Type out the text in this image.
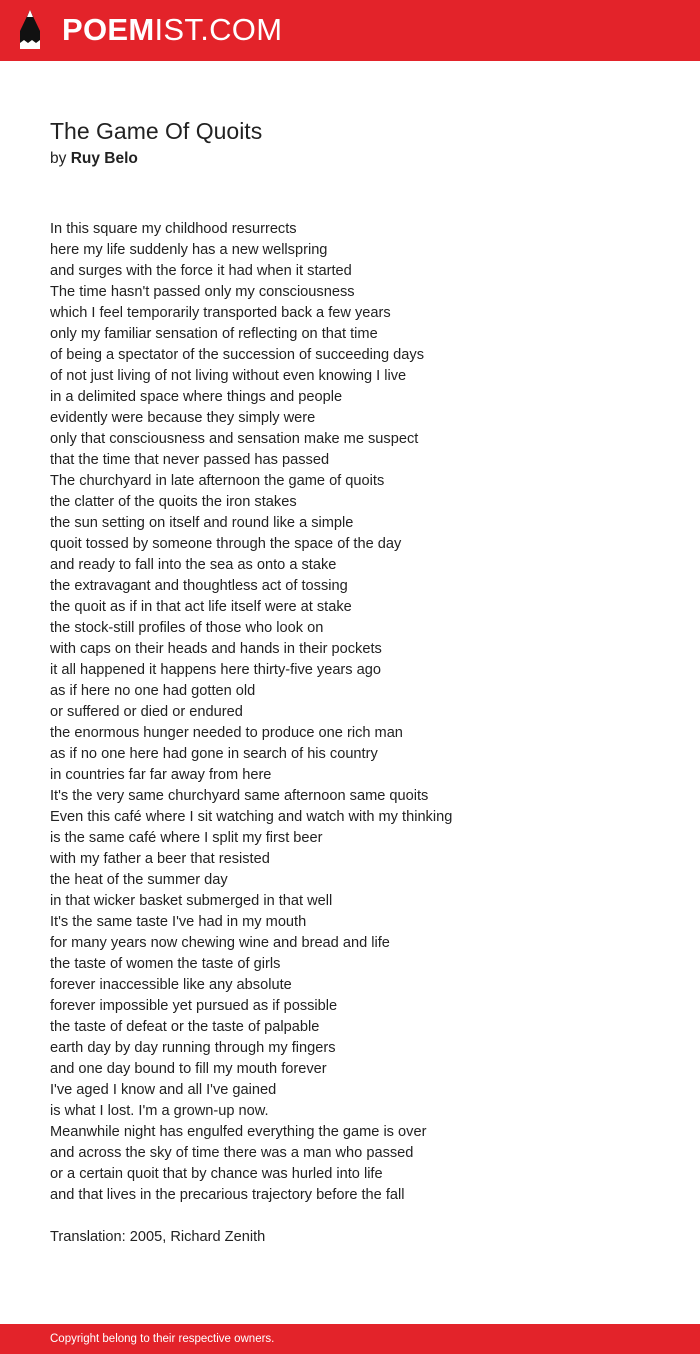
POEMIST.COM
The Game Of Quoits
by Ruy Belo
In this square my childhood resurrects
here my life suddenly has a new wellspring
and surges with the force it had when it started
The time hasn't passed only my consciousness
which I feel temporarily transported back a few years
only my familiar sensation of reflecting on that time
of being a spectator of the succession of succeeding days
of not just living of not living without even knowing I live
in a delimited space where things and people
evidently were because they simply were
only that consciousness and sensation make me suspect
that the time that never passed has passed
The churchyard in late afternoon the game of quoits
the clatter of the quoits the iron stakes
the sun setting on itself and round like a simple
quoit tossed by someone through the space of the day
and ready to fall into the sea as onto a stake
the extravagant and thoughtless act of tossing
the quoit as if in that act life itself were at stake
the stock-still profiles of those who look on
with caps on their heads and hands in their pockets
it all happened it happens here thirty-five years ago
as if here no one had gotten old
or suffered or died or endured
the enormous hunger needed to produce one rich man
as if no one here had gone in search of his country
in countries far far away from here
It's the very same churchyard same afternoon same quoits
Even this café where I sit watching and watch with my thinking
is the same café where I split my first beer
with my father a beer that resisted
the heat of the summer day
in that wicker basket submerged in that well
It's the same taste I've had in my mouth
for many years now chewing wine and bread and life
the taste of women the taste of girls
forever inaccessible like any absolute
forever impossible yet pursued as if possible
the taste of defeat or the taste of palpable
earth day by day running through my fingers
and one day bound to fill my mouth forever
I've aged I know and all I've gained
is what I lost. I'm a grown-up now.
Meanwhile night has engulfed everything the game is over
and across the sky of time there was a man who passed
or a certain quoit that by chance was hurled into life
and that lives in the precarious trajectory before the fall
Translation: 2005, Richard Zenith
Copyright belong to their respective owners.
